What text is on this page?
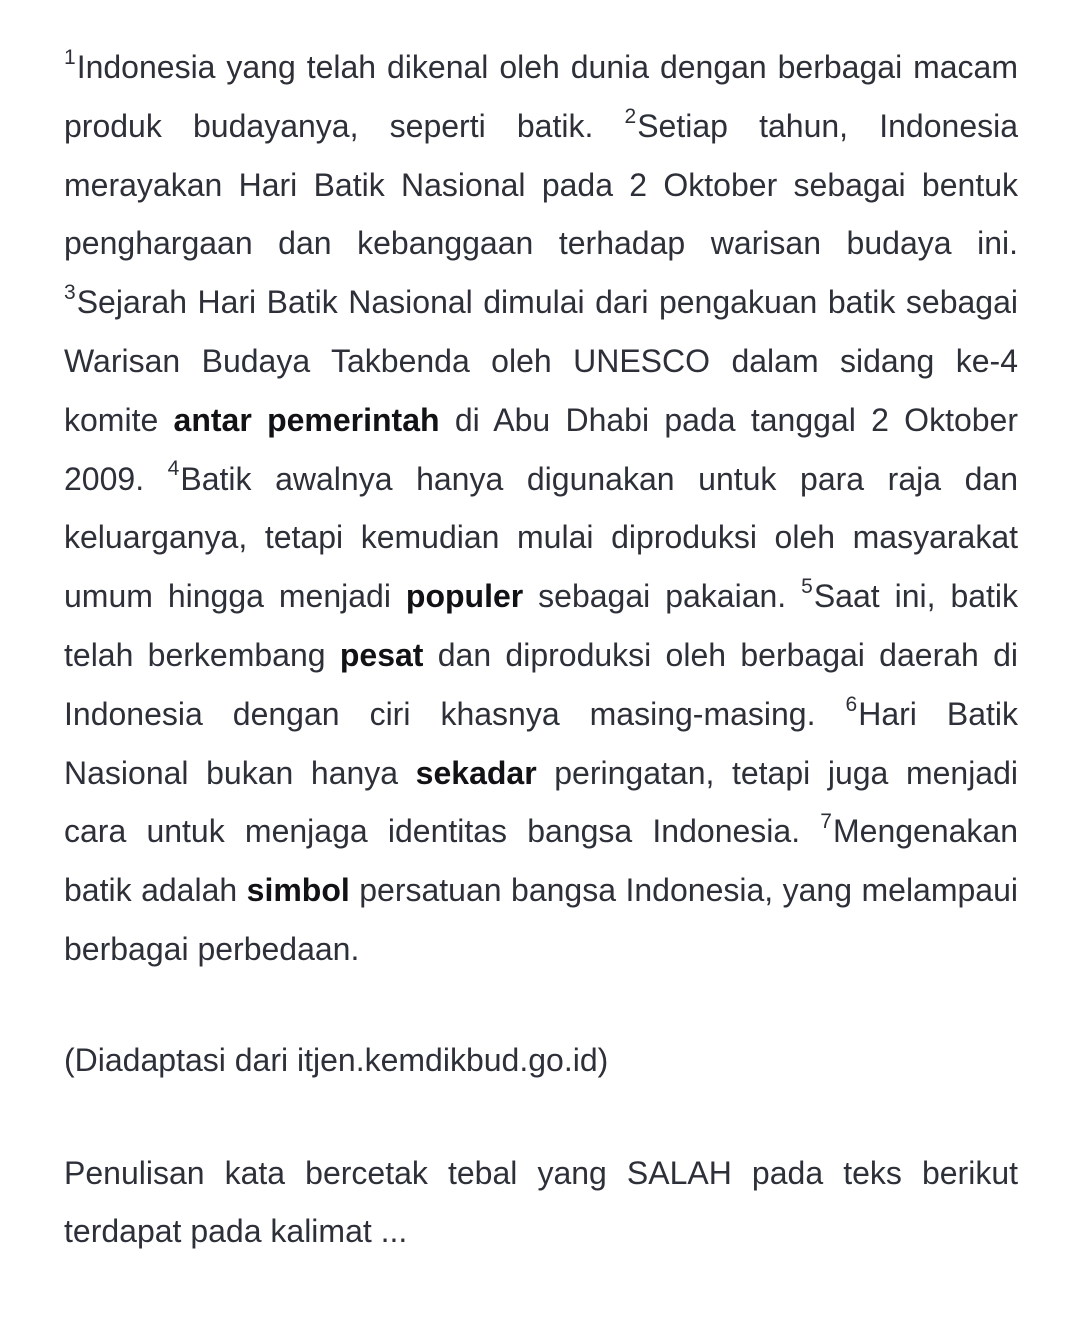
$^1$Indonesia yang telah dikenal oleh dunia dengan berbagai macam produk budayanya, seperti batik. $^2$Setiap tahun, Indonesia merayakan Hari Batik Nasional pada 2 Oktober sebagai bentuk penghargaan dan kebanggaan terhadap warisan budaya ini. $^3$Sejarah Hari Batik Nasional dimulai dari pengakuan batik sebagai Warisan Budaya Takbenda oleh UNESCO dalam sidang ke-4 komite antar pemerintah di Abu Dhabi pada tanggal 2 Oktober 2009. $^4$Batik awalnya hanya digunakan untuk para raja dan keluarganya, tetapi kemudian mulai diproduksi oleh masyarakat umum hingga menjadi populer sebagai pakaian. $^5$Saat ini, batik telah berkembang pesat dan diproduksi oleh berbagai daerah di Indonesia dengan ciri khasnya masing-masing. $^6$Hari Batik Nasional bukan hanya sekadar peringatan, tetapi juga menjadi cara untuk menjaga identitas bangsa Indonesia. $^7$Mengenakan batik adalah simbol persatuan bangsa Indonesia, yang melampaui berbagai perbedaan.

(Diadaptasi dari itjen.kemdikbud.go.id)

Penulisan kata bercetak tebal yang SALAH pada teks berikut terdapat pada kalimat ...
